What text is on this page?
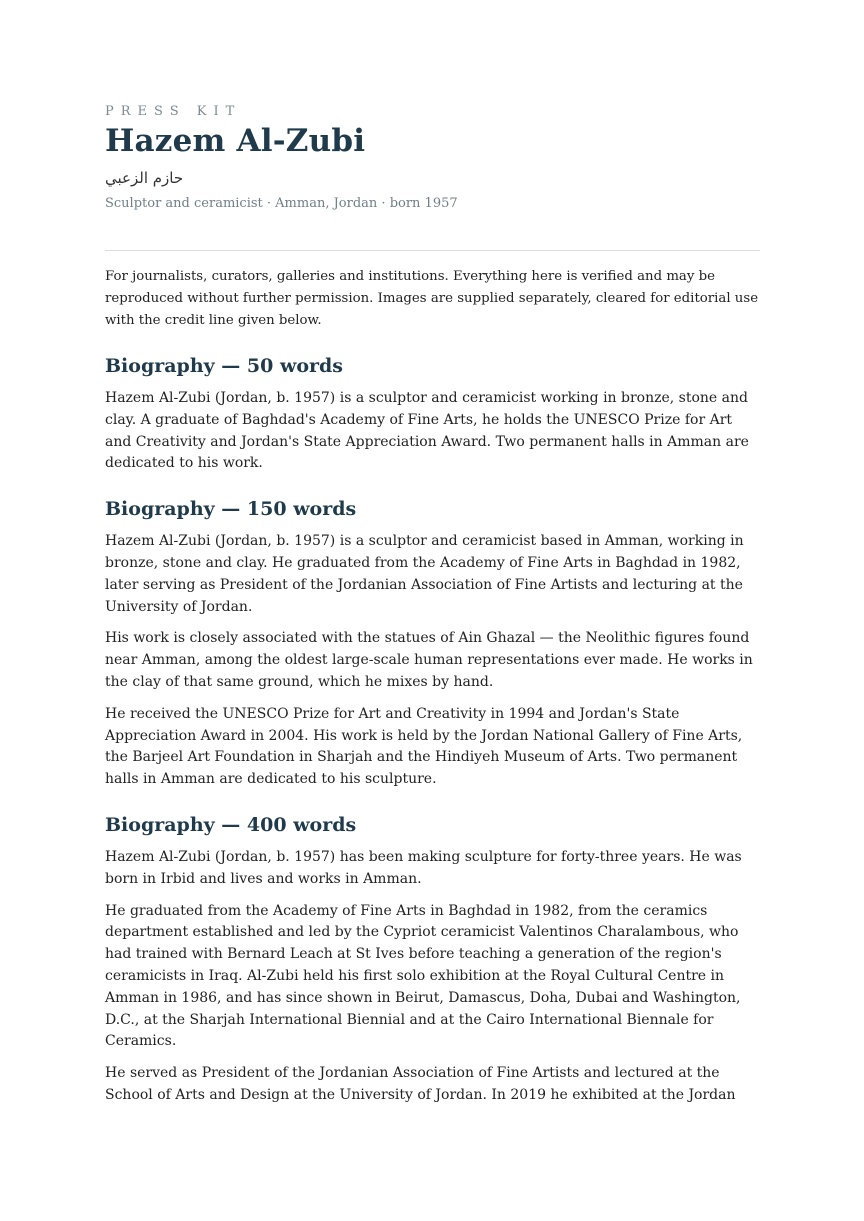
PRESS KIT
Hazem Al-Zubi
حازم الزعبي
Sculptor and ceramicist · Amman, Jordan · born 1957

For journalists, curators, galleries and institutions. Everything here is verified and may be reproduced without further permission. Images are supplied separately, cleared for editorial use with the credit line given below.

Biography — 50 words

Hazem Al-Zubi (Jordan, b. 1957) is a sculptor and ceramicist working in bronze, stone and clay. A graduate of Baghdad's Academy of Fine Arts, he holds the UNESCO Prize for Art and Creativity and Jordan's State Appreciation Award. Two permanent halls in Amman are dedicated to his work.

Biography — 150 words

Hazem Al-Zubi (Jordan, b. 1957) is a sculptor and ceramicist based in Amman, working in bronze, stone and clay. He graduated from the Academy of Fine Arts in Baghdad in 1982, later serving as President of the Jordanian Association of Fine Artists and lecturing at the University of Jordan.

His work is closely associated with the statues of Ain Ghazal — the Neolithic figures found near Amman, among the oldest large-scale human representations ever made. He works in the clay of that same ground, which he mixes by hand.

He received the UNESCO Prize for Art and Creativity in 1994 and Jordan's State Appreciation Award in 2004. His work is held by the Jordan National Gallery of Fine Arts, the Barjeel Art Foundation in Sharjah and the Hindiyeh Museum of Arts. Two permanent halls in Amman are dedicated to his sculpture.

Biography — 400 words

Hazem Al-Zubi (Jordan, b. 1957) has been making sculpture for forty-three years. He was born in Irbid and lives and works in Amman.

He graduated from the Academy of Fine Arts in Baghdad in 1982, from the ceramics department established and led by the Cypriot ceramicist Valentinos Charalambous, who had trained with Bernard Leach at St Ives before teaching a generation of the region's ceramicists in Iraq. Al-Zubi held his first solo exhibition at the Royal Cultural Centre in Amman in 1986, and has since shown in Beirut, Damascus, Doha, Dubai and Washington, D.C., at the Sharjah International Biennial and at the Cairo International Biennale for Ceramics.

He served as President of the Jordanian Association of Fine Artists and lectured at the School of Arts and Design at the University of Jordan. In 2019 he exhibited at the Jordan
